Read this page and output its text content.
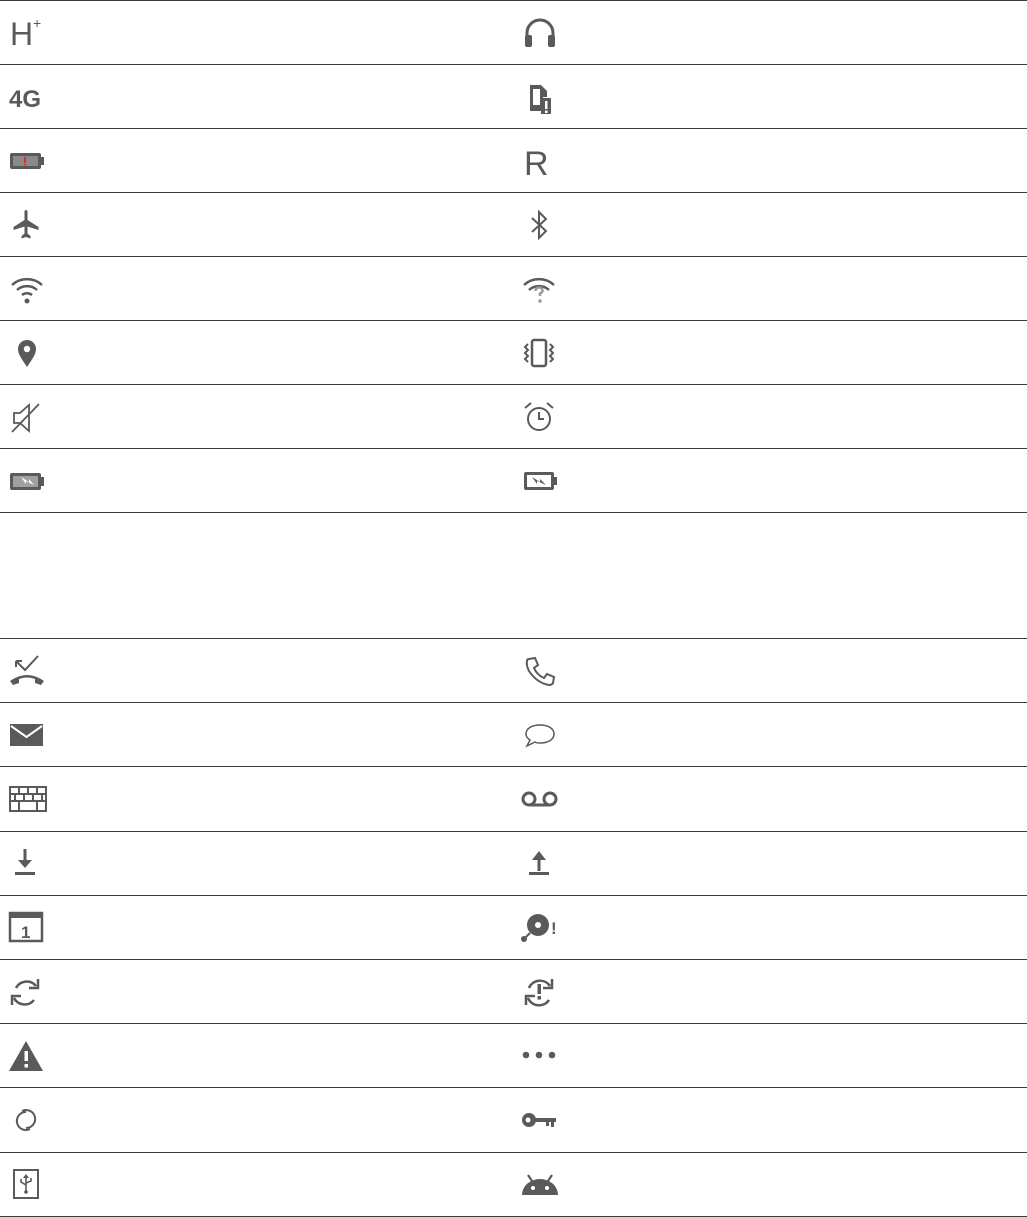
H +
4G
R
1	!
